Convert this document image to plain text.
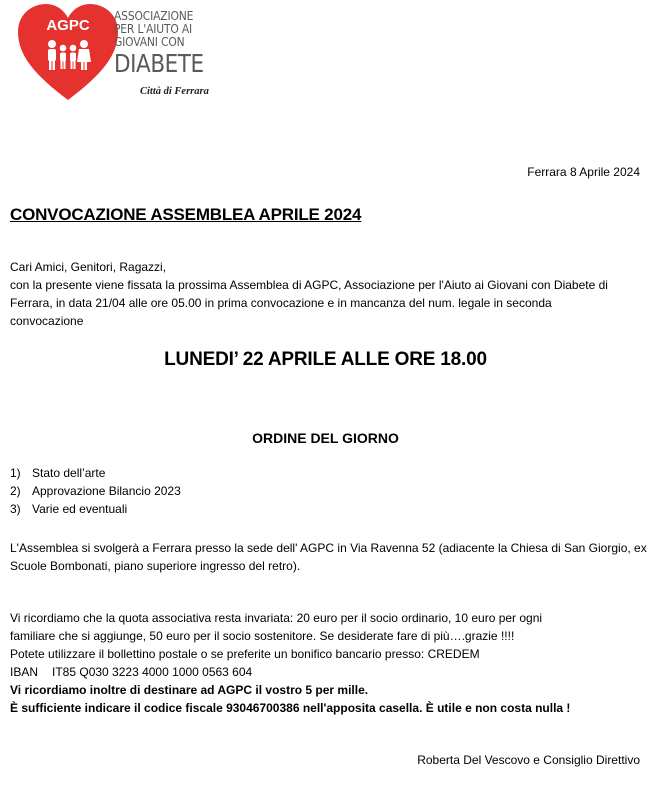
AGPC
ASSOCIAZIONE
PER L'AIUTO AI
GIOVANI CON
DIABETE
Città di Ferrara
Ferrara 8 Aprile 2024
CONVOCAZIONE ASSEMBLEA APRILE 2024

Cari Amici, Genitori, Ragazzi,

con la presente viene fissata la prossima Assemblea di AGPC, Associazione per l'Aiuto ai Giovani con Diabete di Ferrara, in data 21/04 alle ore 05.00 in prima convocazione e in mancanza del num. legale in seconda convocazione

LUNEDI’ 22 APRILE ALLE ORE 18.00
ORDINE DEL GIORNO
1) Stato dell’arte
2) Approvazione Bilancio 2023
3) Varie ed eventuali
L'Assemblea si svolgerà a Ferrara presso la sede dell' AGPC in Via Ravenna 52 (adiacente la Chiesa di San Giorgio, ex Scuole Bombonati, piano superiore ingresso del retro).

Vi ricordiamo che la quota associativa resta invariata: 20 euro per il socio ordinario, 10 euro per ogni

familiare che si aggiunge, 50 euro per il socio sostenitore. Se desiderate fare di più….grazie !!!!

Potete utilizzare il bollettino postale o se preferite un bonifico bancario presso: CREDEM

IBAN IT85 Q030 3223 4000 1000 0563 604

Vi ricordiamo inoltre di destinare ad AGPC il vostro 5 per mille.

È sufficiente indicare il codice fiscale 93046700386 nell'apposita casella. È utile e non costa nulla !

Roberta Del Vescovo e Consiglio Direttivo
